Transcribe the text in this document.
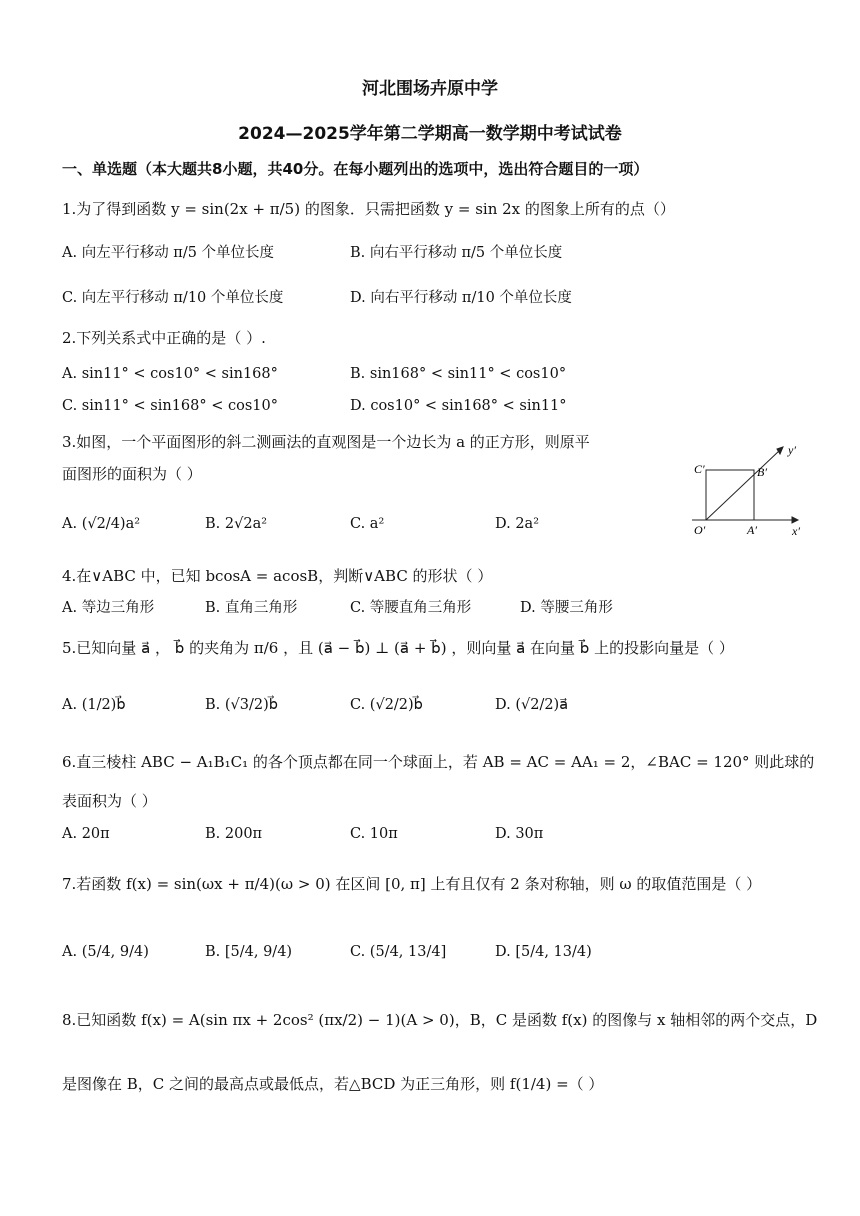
河北围场卉原中学
2024—2025学年第二学期高一数学期中考试试卷
一、单选题（本大题共8小题，共40分。在每小题列出的选项中，选出符合题目的一项）
1.为了得到函数 y = sin(2x + π/5) 的图象．只需把函数 y = sin 2x 的图象上所有的点（）
A. 向左平行移动 π/5 个单位长度	B. 向右平行移动 π/5 个单位长度
C. 向左平行移动 π/10 个单位长度	D. 向右平行移动 π/10 个单位长度
2.下列关系式中正确的是（ ）.
A. sin11° < cos10° < sin168°	B. sin168° < sin11° < cos10°
C. sin11° < sin168° < cos10°	D. cos10° < sin168° < sin11°
3.如图，一个平面图形的斜二测画法的直观图是一个边长为 a 的正方形，则原平
面图形的面积为（ ）
A. (√2/4)a²	B. 2√2a²	C. a²	D. 2a²
y′
x′
O′	A′
B′
C′
4.在∨ABC 中，已知 bcosA = acosB，判断∨ABC 的形状（ ）
A. 等边三角形	B. 直角三角形	C. 等腰直角三角形	D. 等腰三角形
5.已知向量 a⃗ ， b⃗ 的夹角为 π/6 ，且 (a⃗ − b⃗) ⊥ (a⃗ + b⃗) ，则向量 a⃗ 在向量 b⃗ 上的投影向量是（ ）
A. (1/2)b⃗	B. (√3/2)b⃗	C. (√2/2)b⃗	D. (√2/2)a⃗
6.直三棱柱 ABC − A₁B₁C₁ 的各个顶点都在同一个球面上，若 AB = AC = AA₁ = 2，∠BAC = 120° 则此球的
表面积为（ ）
A. 20π	B. 200π	C. 10π	D. 30π
7.若函数 f(x) = sin(ωx + π/4)(ω > 0) 在区间 [0, π] 上有且仅有 2 条对称轴，则 ω 的取值范围是（ ）
A. (5/4, 9/4)	B. [5/4, 9/4)	C. (5/4, 13/4]	D. [5/4, 13/4)
8.已知函数 f(x) = A(sin πx + 2cos² (πx/2) − 1)(A > 0)，B，C 是函数 f(x) 的图像与 x 轴相邻的两个交点，D
是图像在 B，C 之间的最高点或最低点，若△BCD 为正三角形，则 f(1/4) =（ ）
